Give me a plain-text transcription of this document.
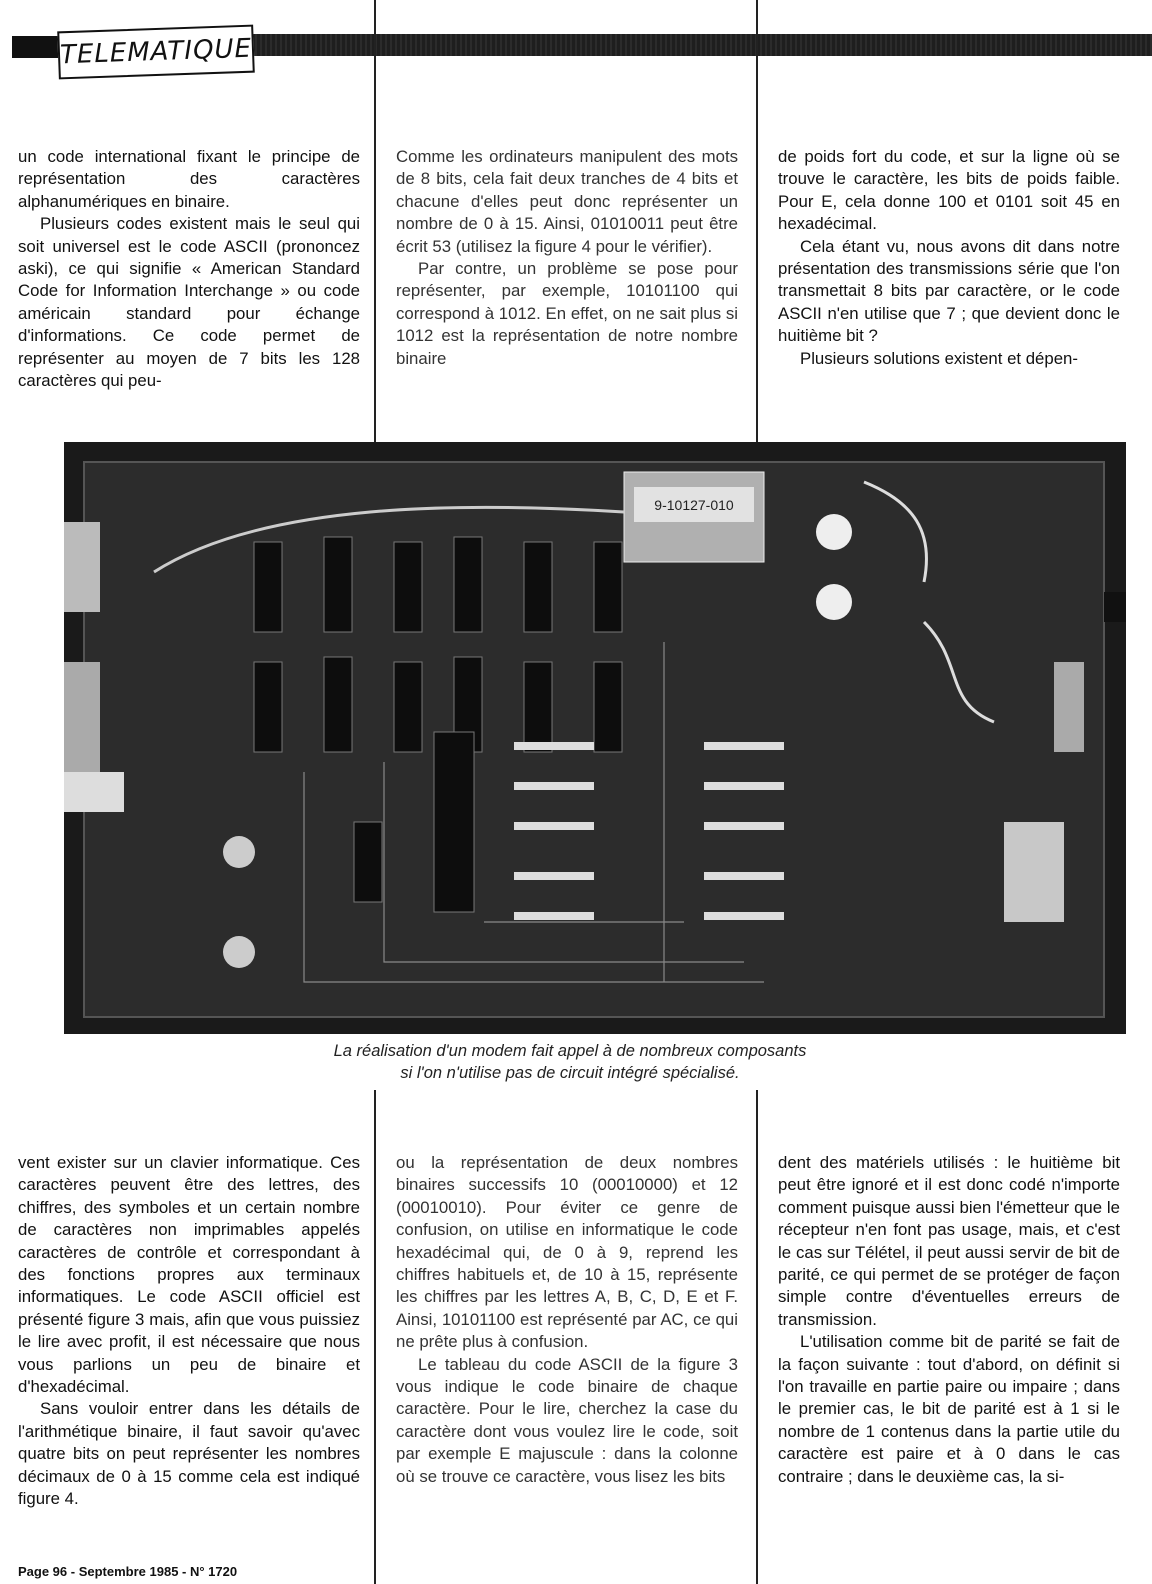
TELEMATIQUE

un code international fixant le principe de représentation des caractères alphanumériques en binaire.

Plusieurs codes existent mais le seul qui soit universel est le code ASCII (prononcez aski), ce qui signifie « American Standard Code for Information Interchange » ou code américain standard pour échange d'informations. Ce code permet de représenter au moyen de 7 bits les 128 caractères qui peu-

Comme les ordinateurs manipulent des mots de 8 bits, cela fait deux tranches de 4 bits et chacune d'elles peut donc représenter un nombre de 0 à 15. Ainsi, 01010011 peut être écrit 53 (utilisez la figure 4 pour le vérifier).

Par contre, un problème se pose pour représenter, par exemple, 10101100 qui correspond à 1012. En effet, on ne sait plus si 1012 est la représentation de notre nombre binaire

de poids fort du code, et sur la ligne où se trouve le caractère, les bits de poids faible. Pour E, cela donne 100 et 0101 soit 45 en hexadécimal.

Cela étant vu, nous avons dit dans notre présentation des transmissions série que l'on transmettait 8 bits par caractère, or le code ASCII n'en utilise que 7 ; que devient donc le huitième bit ?

Plusieurs solutions existent et dépen-

9-10127-010
La réalisation d'un modem fait appel à de nombreux composants
si l'on n'utilise pas de circuit intégré spécialisé.

vent exister sur un clavier informatique. Ces caractères peuvent être des lettres, des chiffres, des symboles et un certain nombre de caractères non imprimables appelés caractères de contrôle et correspondant à des fonctions propres aux terminaux informatiques. Le code ASCII officiel est présenté figure 3 mais, afin que vous puissiez le lire avec profit, il est nécessaire que nous vous parlions un peu de binaire et d'hexadécimal.

Sans vouloir entrer dans les détails de l'arithmétique binaire, il faut savoir qu'avec quatre bits on peut représenter les nombres décimaux de 0 à 15 comme cela est indiqué figure 4.

ou la représentation de deux nombres binaires successifs 10 (00010000) et 12 (00010010). Pour éviter ce genre de confusion, on utilise en informatique le code hexadécimal qui, de 0 à 9, reprend les chiffres habituels et, de 10 à 15, représente les chiffres par les lettres A, B, C, D, E et F. Ainsi, 10101100 est représenté par AC, ce qui ne prête plus à confusion.

Le tableau du code ASCII de la figure 3 vous indique le code binaire de chaque caractère. Pour le lire, cherchez la case du caractère dont vous voulez lire le code, soit par exemple E majuscule : dans la colonne où se trouve ce caractère, vous lisez les bits

dent des matériels utilisés : le huitième bit peut être ignoré et il est donc codé n'importe comment puisque aussi bien l'émetteur que le récepteur n'en font pas usage, mais, et c'est le cas sur Télétel, il peut aussi servir de bit de parité, ce qui permet de se protéger de façon simple contre d'éventuelles erreurs de transmission.

L'utilisation comme bit de parité se fait de la façon suivante : tout d'abord, on définit si l'on travaille en partie paire ou impaire ; dans le premier cas, le bit de parité est à 1 si le nombre de 1 contenus dans la partie utile du caractère est paire et à 0 dans le cas contraire ; dans le deuxième cas, la si-

Page 96 - Septembre 1985 - N° 1720
